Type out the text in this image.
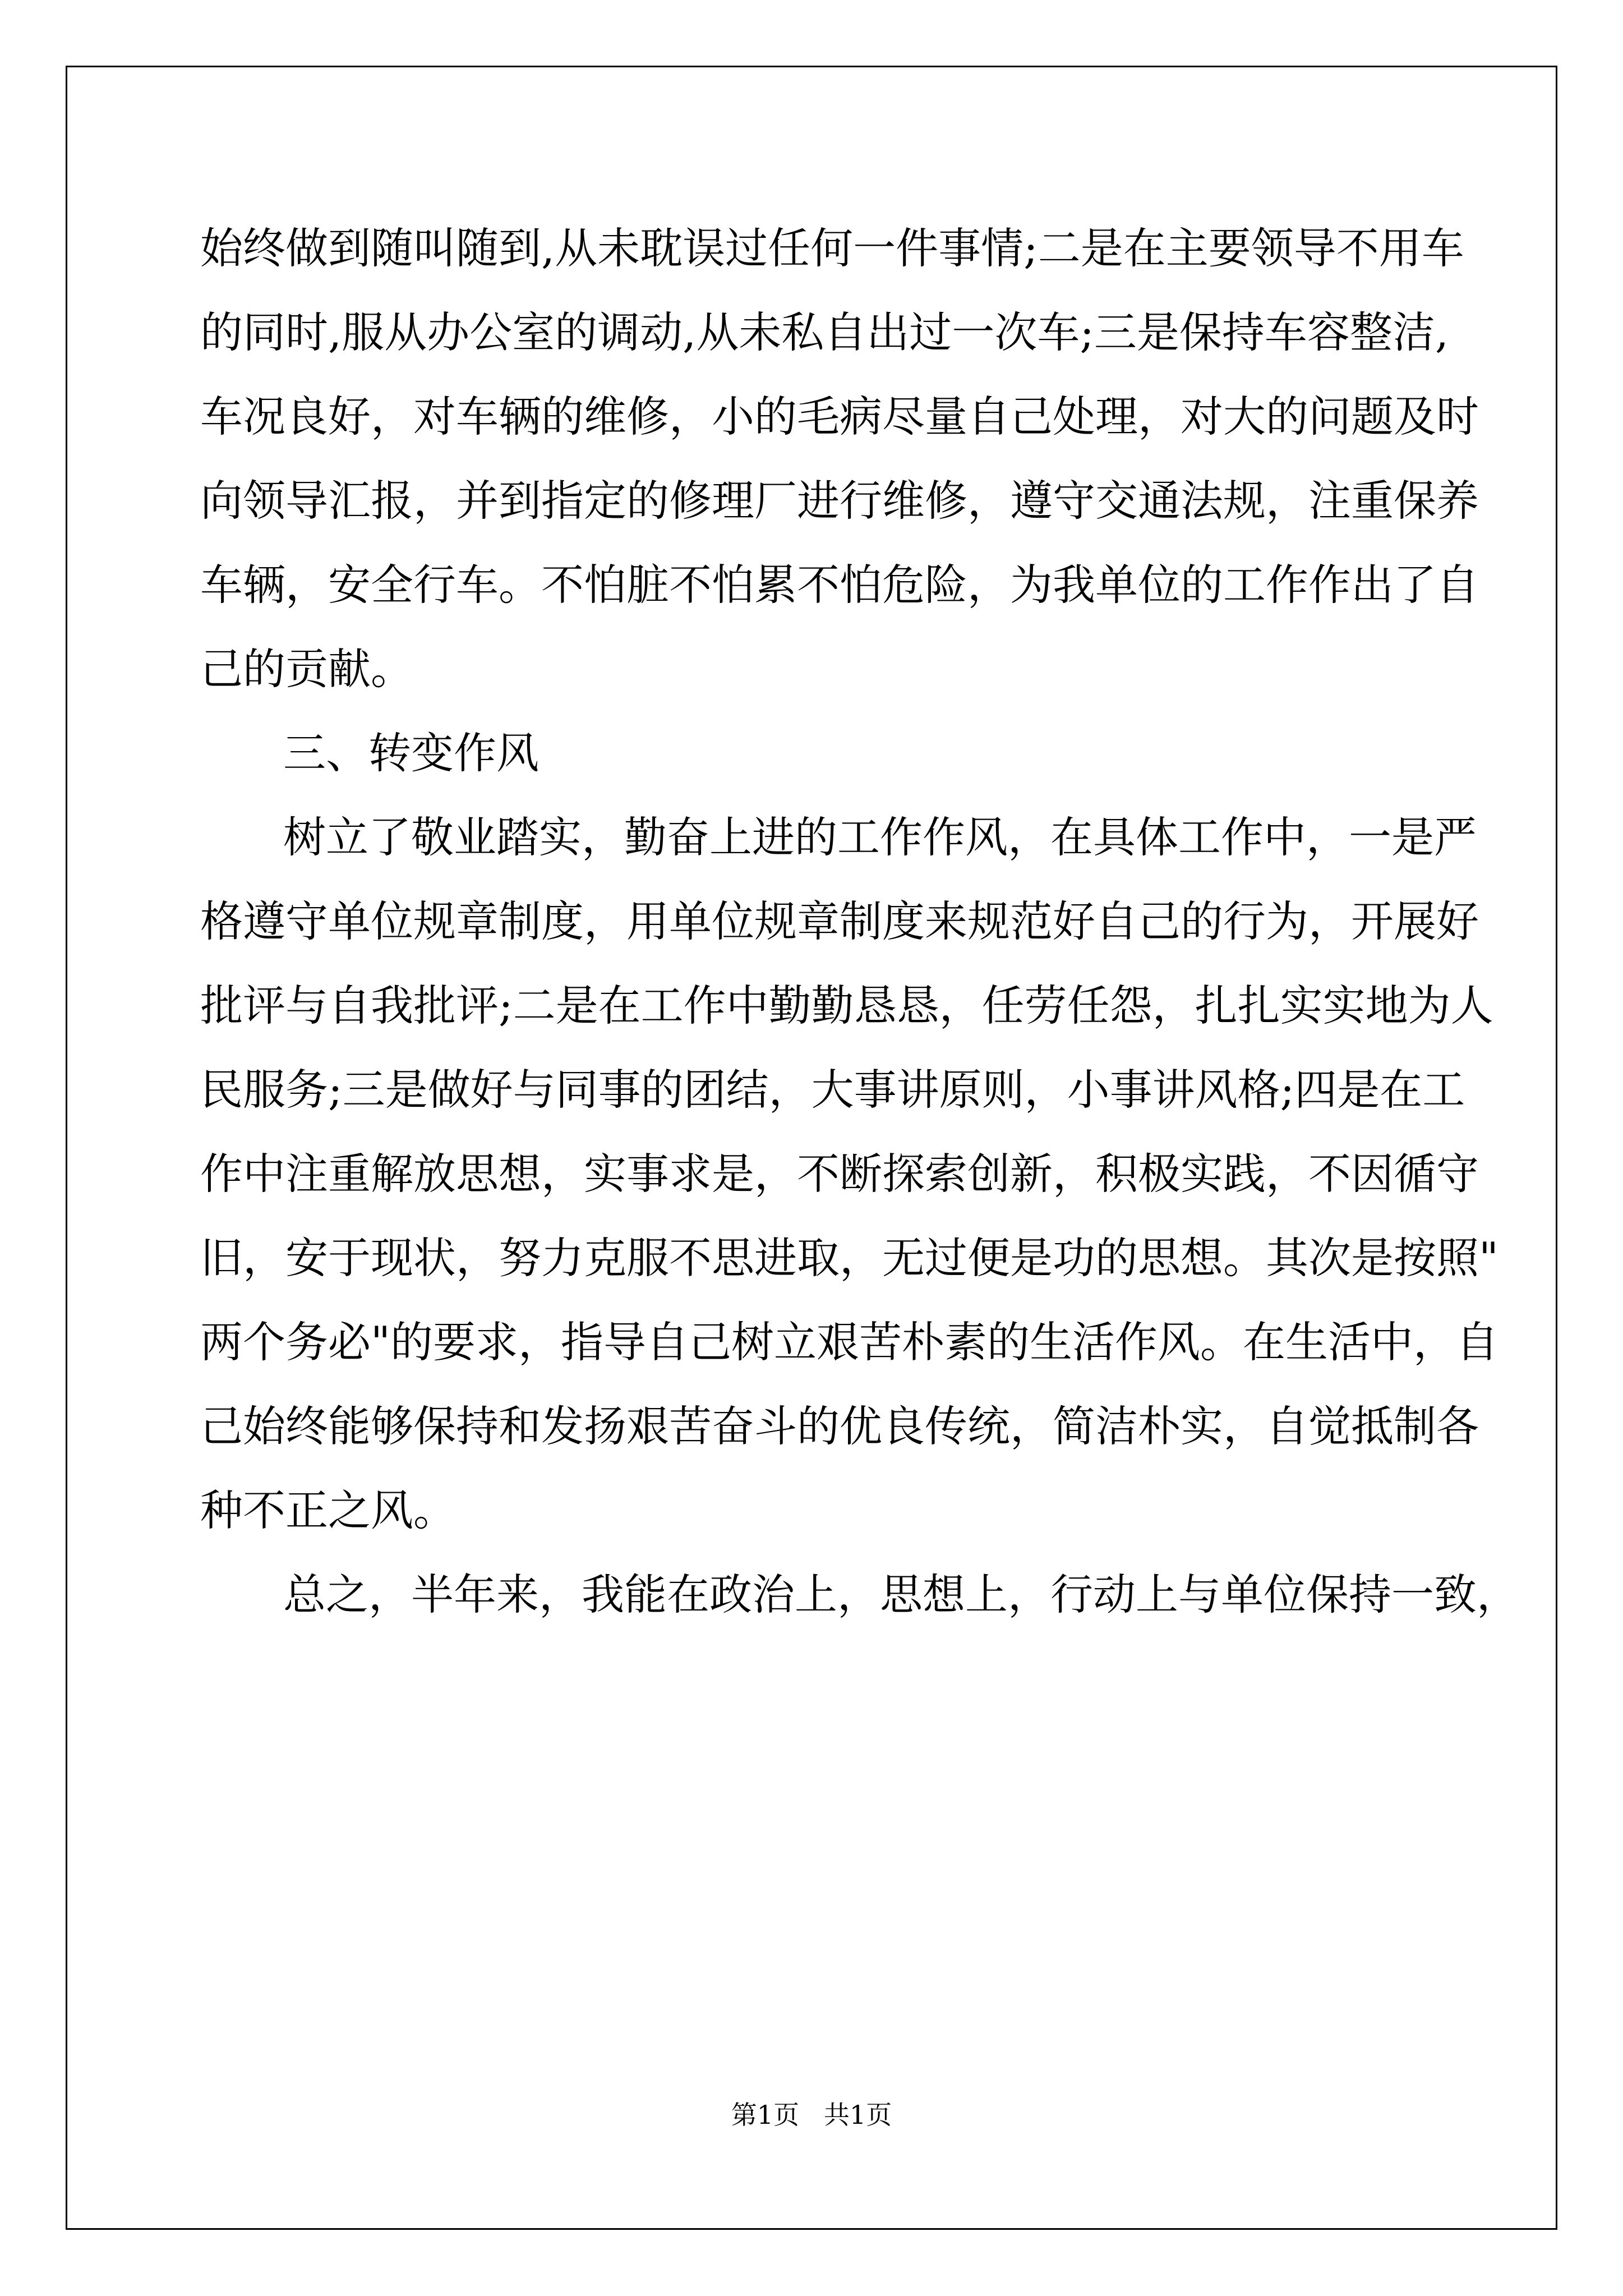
始终做到随叫随到,从未耽误过任何一件事情;二是在主要领导不用车
的同时,服从办公室的调动,从未私自出过一次车;三是保持车容整洁,
车况良好，对车辆的维修，小的毛病尽量自己处理，对大的问题及时
向领导汇报，并到指定的修理厂进行维修，遵守交通法规，注重保养
车辆，安全行车。不怕脏不怕累不怕危险，为我单位的工作作出了自
己的贡献。
三、转变作风
树立了敬业踏实，勤奋上进的工作作风，在具体工作中，一是严
格遵守单位规章制度，用单位规章制度来规范好自己的行为，开展好
批评与自我批评;二是在工作中勤勤恳恳，任劳任怨，扎扎实实地为人
民服务;三是做好与同事的团结，大事讲原则，小事讲风格;四是在工
作中注重解放思想，实事求是，不断探索创新，积极实践，不因循守
旧，安于现状，努力克服不思进取，无过便是功的思想。其次是按照"
两个务必"的要求，指导自己树立艰苦朴素的生活作风。在生活中，自
己始终能够保持和发扬艰苦奋斗的优良传统，简洁朴实，自觉抵制各
种不正之风。
总之，半年来，我能在政治上，思想上，行动上与单位保持一致，
第1页   共1页
